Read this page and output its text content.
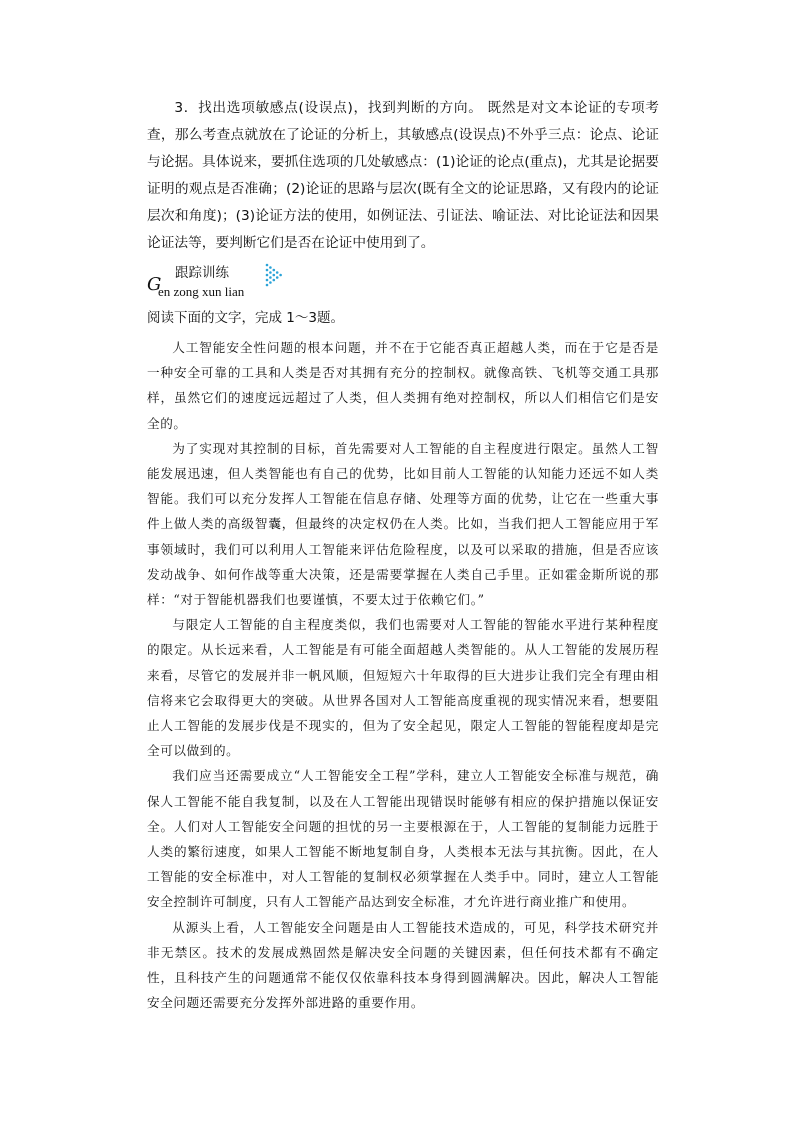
3．找出选项敏感点(设误点)，找到判断的方向。 既然是对文本论证的专项考查，那么考查点就放在了论证的分析上，其敏感点(设误点)不外乎三点：论点、论证与论据。具体说来，要抓住选项的几处敏感点：(1)论证的论点(重点)，尤其是论据要证明的观点是否准确；(2)论证的思路与层次(既有全文的论证思路，又有段内的论证层次和角度)；(3)论证方法的使用，如例证法、引证法、喻证法、对比论证法和因果论证法等，要判断它们是否在论证中使用到了。

G
跟踪训练
en zong xun lian

阅读下面的文字，完成 1～3题。

人工智能安全性问题的根本问题，并不在于它能否真正超越人类，而在于它是否是一种安全可靠的工具和人类是否对其拥有充分的控制权。就像高铁、飞机等交通工具那样，虽然它们的速度远远超过了人类，但人类拥有绝对控制权，所以人们相信它们是安全的。

为了实现对其控制的目标，首先需要对人工智能的自主程度进行限定。虽然人工智能发展迅速，但人类智能也有自己的优势，比如目前人工智能的认知能力还远不如人类智能。我们可以充分发挥人工智能在信息存储、处理等方面的优势，让它在一些重大事件上做人类的高级智囊，但最终的决定权仍在人类。比如，当我们把人工智能应用于军事领域时，我们可以利用人工智能来评估危险程度，以及可以采取的措施，但是否应该发动战争、如何作战等重大决策，还是需要掌握在人类自己手里。正如霍金斯所说的那样：“对于智能机器我们也要谨慎，不要太过于依赖它们。”

与限定人工智能的自主程度类似，我们也需要对人工智能的智能水平进行某种程度的限定。从长远来看，人工智能是有可能全面超越人类智能的。从人工智能的发展历程来看，尽管它的发展并非一帆风顺，但短短六十年取得的巨大进步让我们完全有理由相信将来它会取得更大的突破。从世界各国对人工智能高度重视的现实情况来看，想要阻止人工智能的发展步伐是不现实的，但为了安全起见，限定人工智能的智能程度却是完全可以做到的。

我们应当还需要成立“人工智能安全工程”学科，建立人工智能安全标准与规范，确保人工智能不能自我复制，以及在人工智能出现错误时能够有相应的保护措施以保证安全。人们对人工智能安全问题的担忧的另一主要根源在于，人工智能的复制能力远胜于人类的繁衍速度，如果人工智能不断地复制自身，人类根本无法与其抗衡。因此，在人工智能的安全标准中，对人工智能的复制权必须掌握在人类手中。同时，建立人工智能安全控制许可制度，只有人工智能产品达到安全标准，才允许进行商业推广和使用。

从源头上看，人工智能安全问题是由人工智能技术造成的，可见，科学技术研究并非无禁区。技术的发展成熟固然是解决安全问题的关键因素，但任何技术都有不确定性，且科技产生的问题通常不能仅仅依靠科技本身得到圆满解决。因此，解决人工智能安全问题还需要充分发挥外部进路的重要作用。
